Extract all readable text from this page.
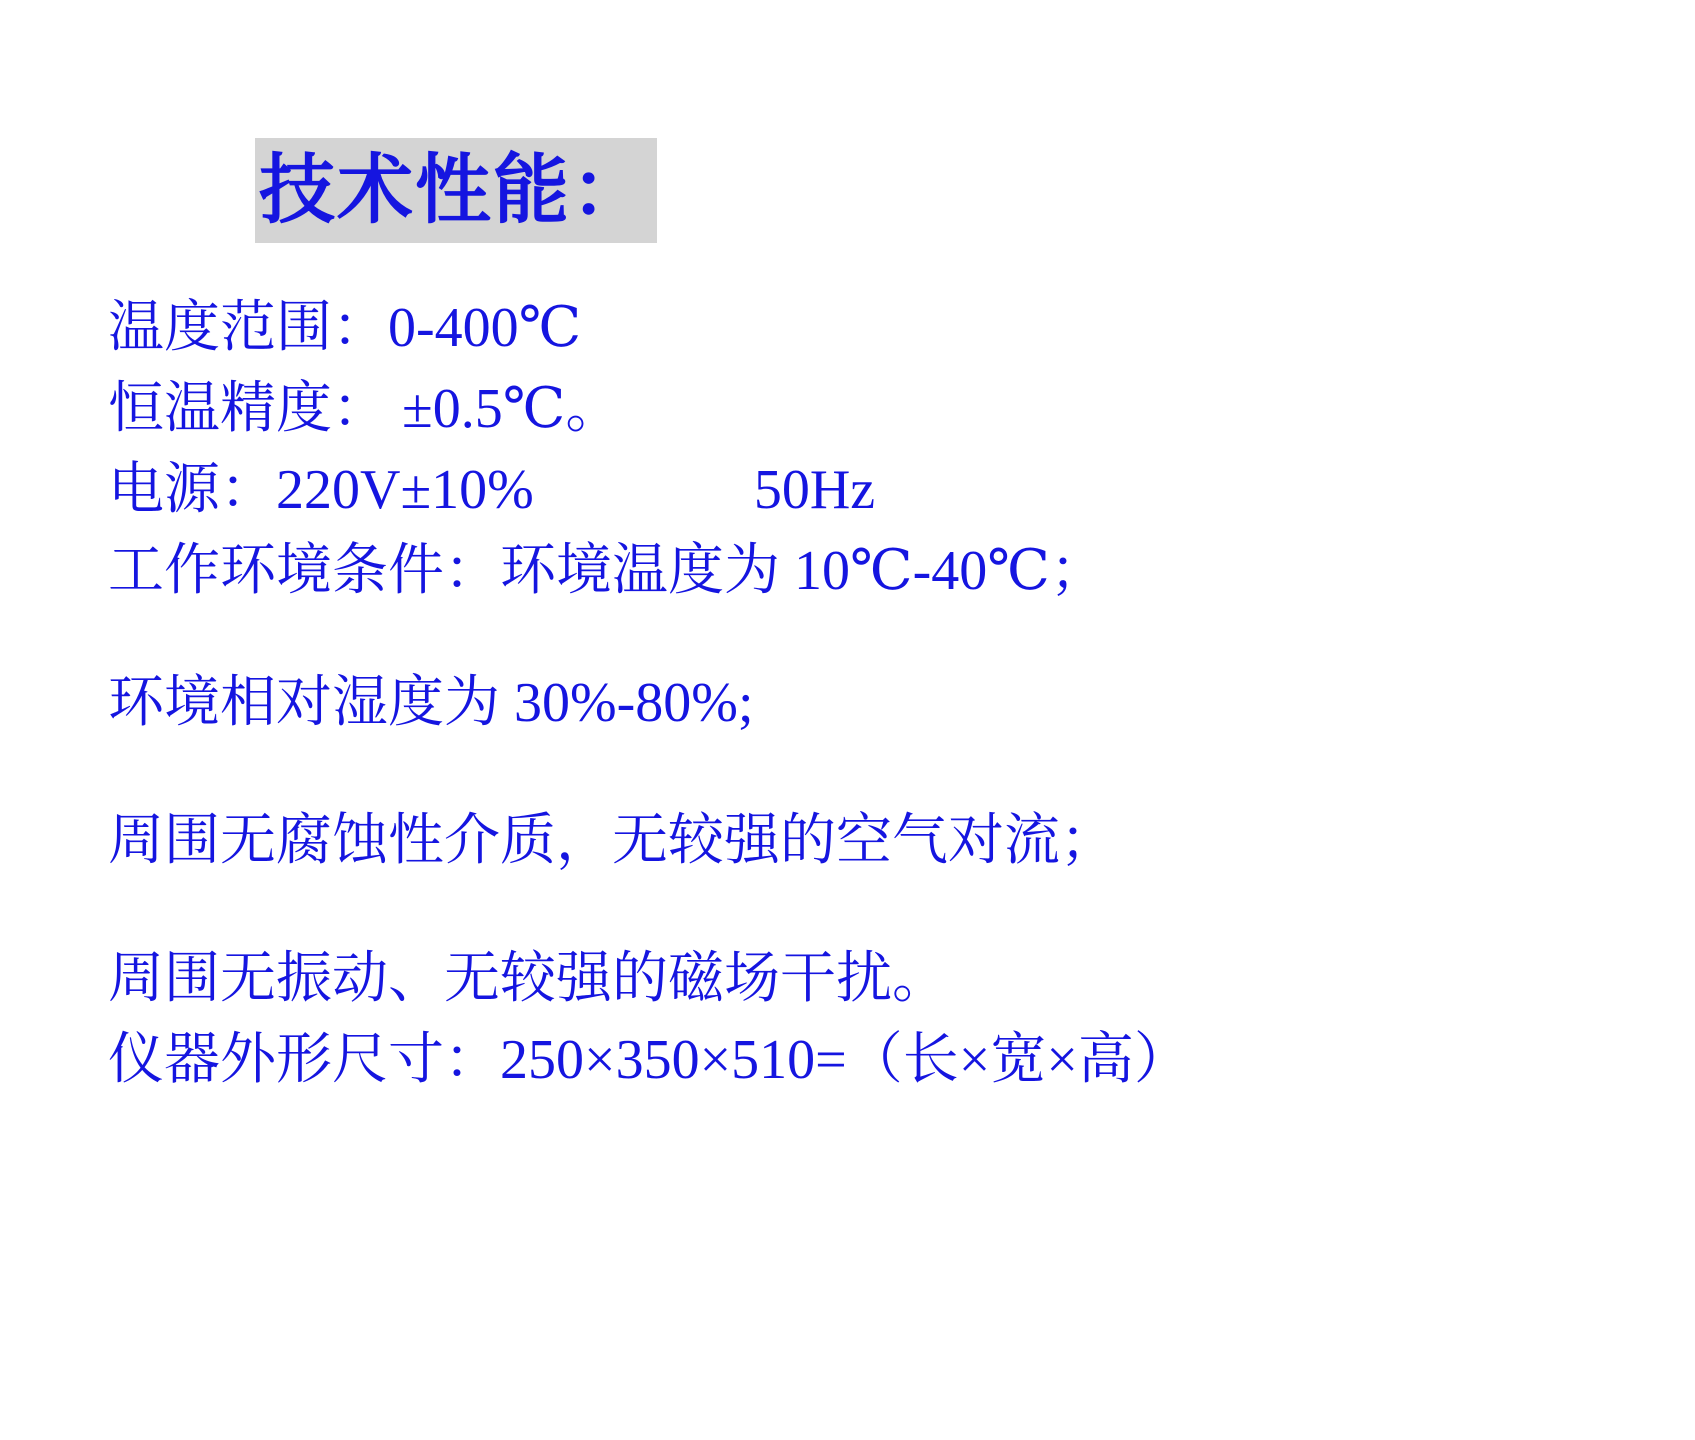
技术性能：
温度范围：0-400℃
恒温精度： ±0.5℃。
电源：220V±10%	50Hz
工作环境条件：环境温度为 10℃-40℃；
环境相对湿度为 30%-80%;
周围无腐蚀性介质，无较强的空气对流；
周围无振动、无较强的磁场干扰。
仪器外形尺寸：250×350×510=（长×宽×高）
